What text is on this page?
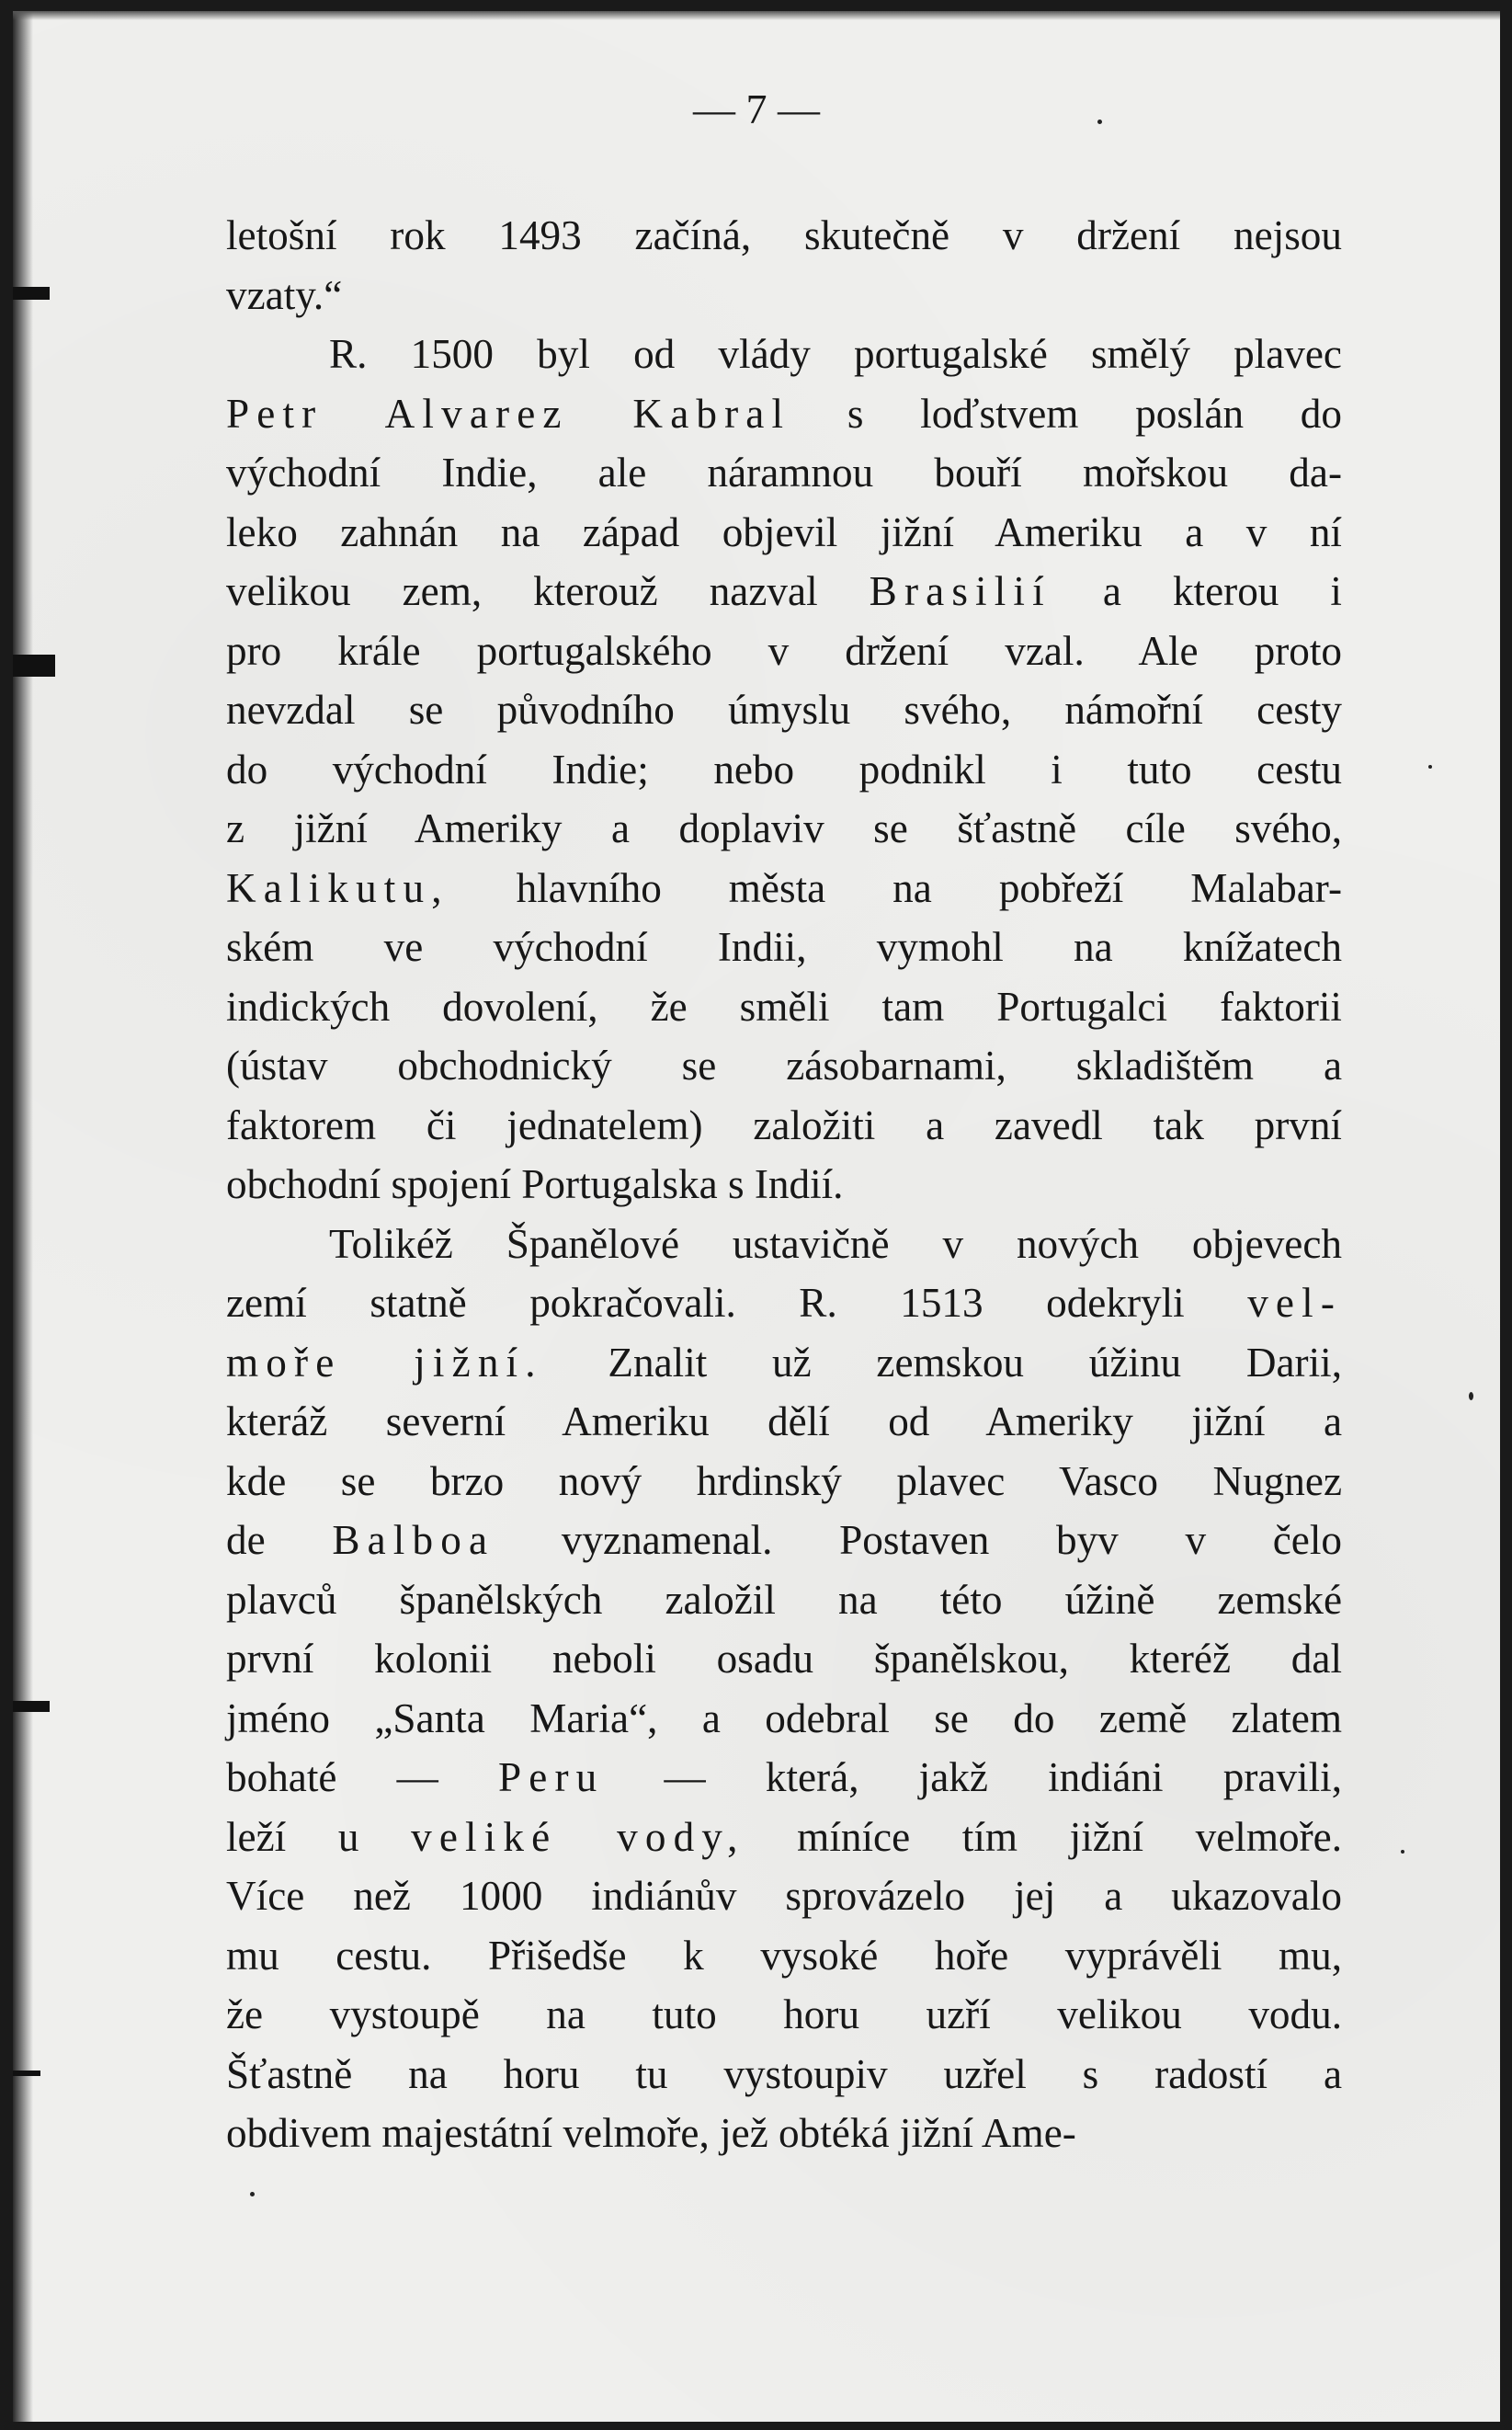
— 7 —
letošní rok 1493 začíná, skutečně v držení nejsou
vzaty.“
R. 1500 byl od vlády portugalské smělý plavec
Petr Alvarez Kabral s loďstvem poslán do
východní Indie, ale náramnou bouří mořskou da-
leko zahnán na západ objevil jižní Ameriku a v ní
velikou zem, kterouž nazval Brasilií a kterou i
pro krále portugalského v držení vzal. Ale proto
nevzdal se původního úmyslu svého, námořní cesty
do východní Indie; nebo podnikl i tuto cestu
z jižní Ameriky a doplaviv se šťastně cíle svého,
Kalikutu, hlavního města na pobřeží Malabar-
ském ve východní Indii, vymohl na knížatech
indických dovolení, že směli tam Portugalci faktorii
(ústav obchodnický se zásobarnami, skladištěm a
faktorem či jednatelem) založiti a zavedl tak první
obchodní spojení Portugalska s Indií.
Tolikéž Španělové ustavičně v nových objevech
zemí statně pokračovali. R. 1513 odekryli vel-
moře jižní. Znalit už zemskou úžinu Darii,
kteráž severní Ameriku dělí od Ameriky jižní a
kde se brzo nový hrdinský plavec Vasco Nugnez
de Balboa vyznamenal. Postaven byv v čelo
plavců španělských založil na této úžině zemské
první kolonii neboli osadu španělskou, kteréž dal
jméno „Santa Maria“, a odebral se do země zlatem
bohaté — Peru — která, jakž indiáni pravili,
leží u veliké vody, míníce tím jižní velmoře.
Více než 1000 indiánův sprovázelo jej a ukazovalo
mu cestu. Přišedše k vysoké hoře vyprávěli mu,
že vystoupě na tuto horu uzří velikou vodu.
Šťastně na horu tu vystoupiv uzřel s radostí a
obdivem majestátní velmoře, jež obtéká jižní Ame-
